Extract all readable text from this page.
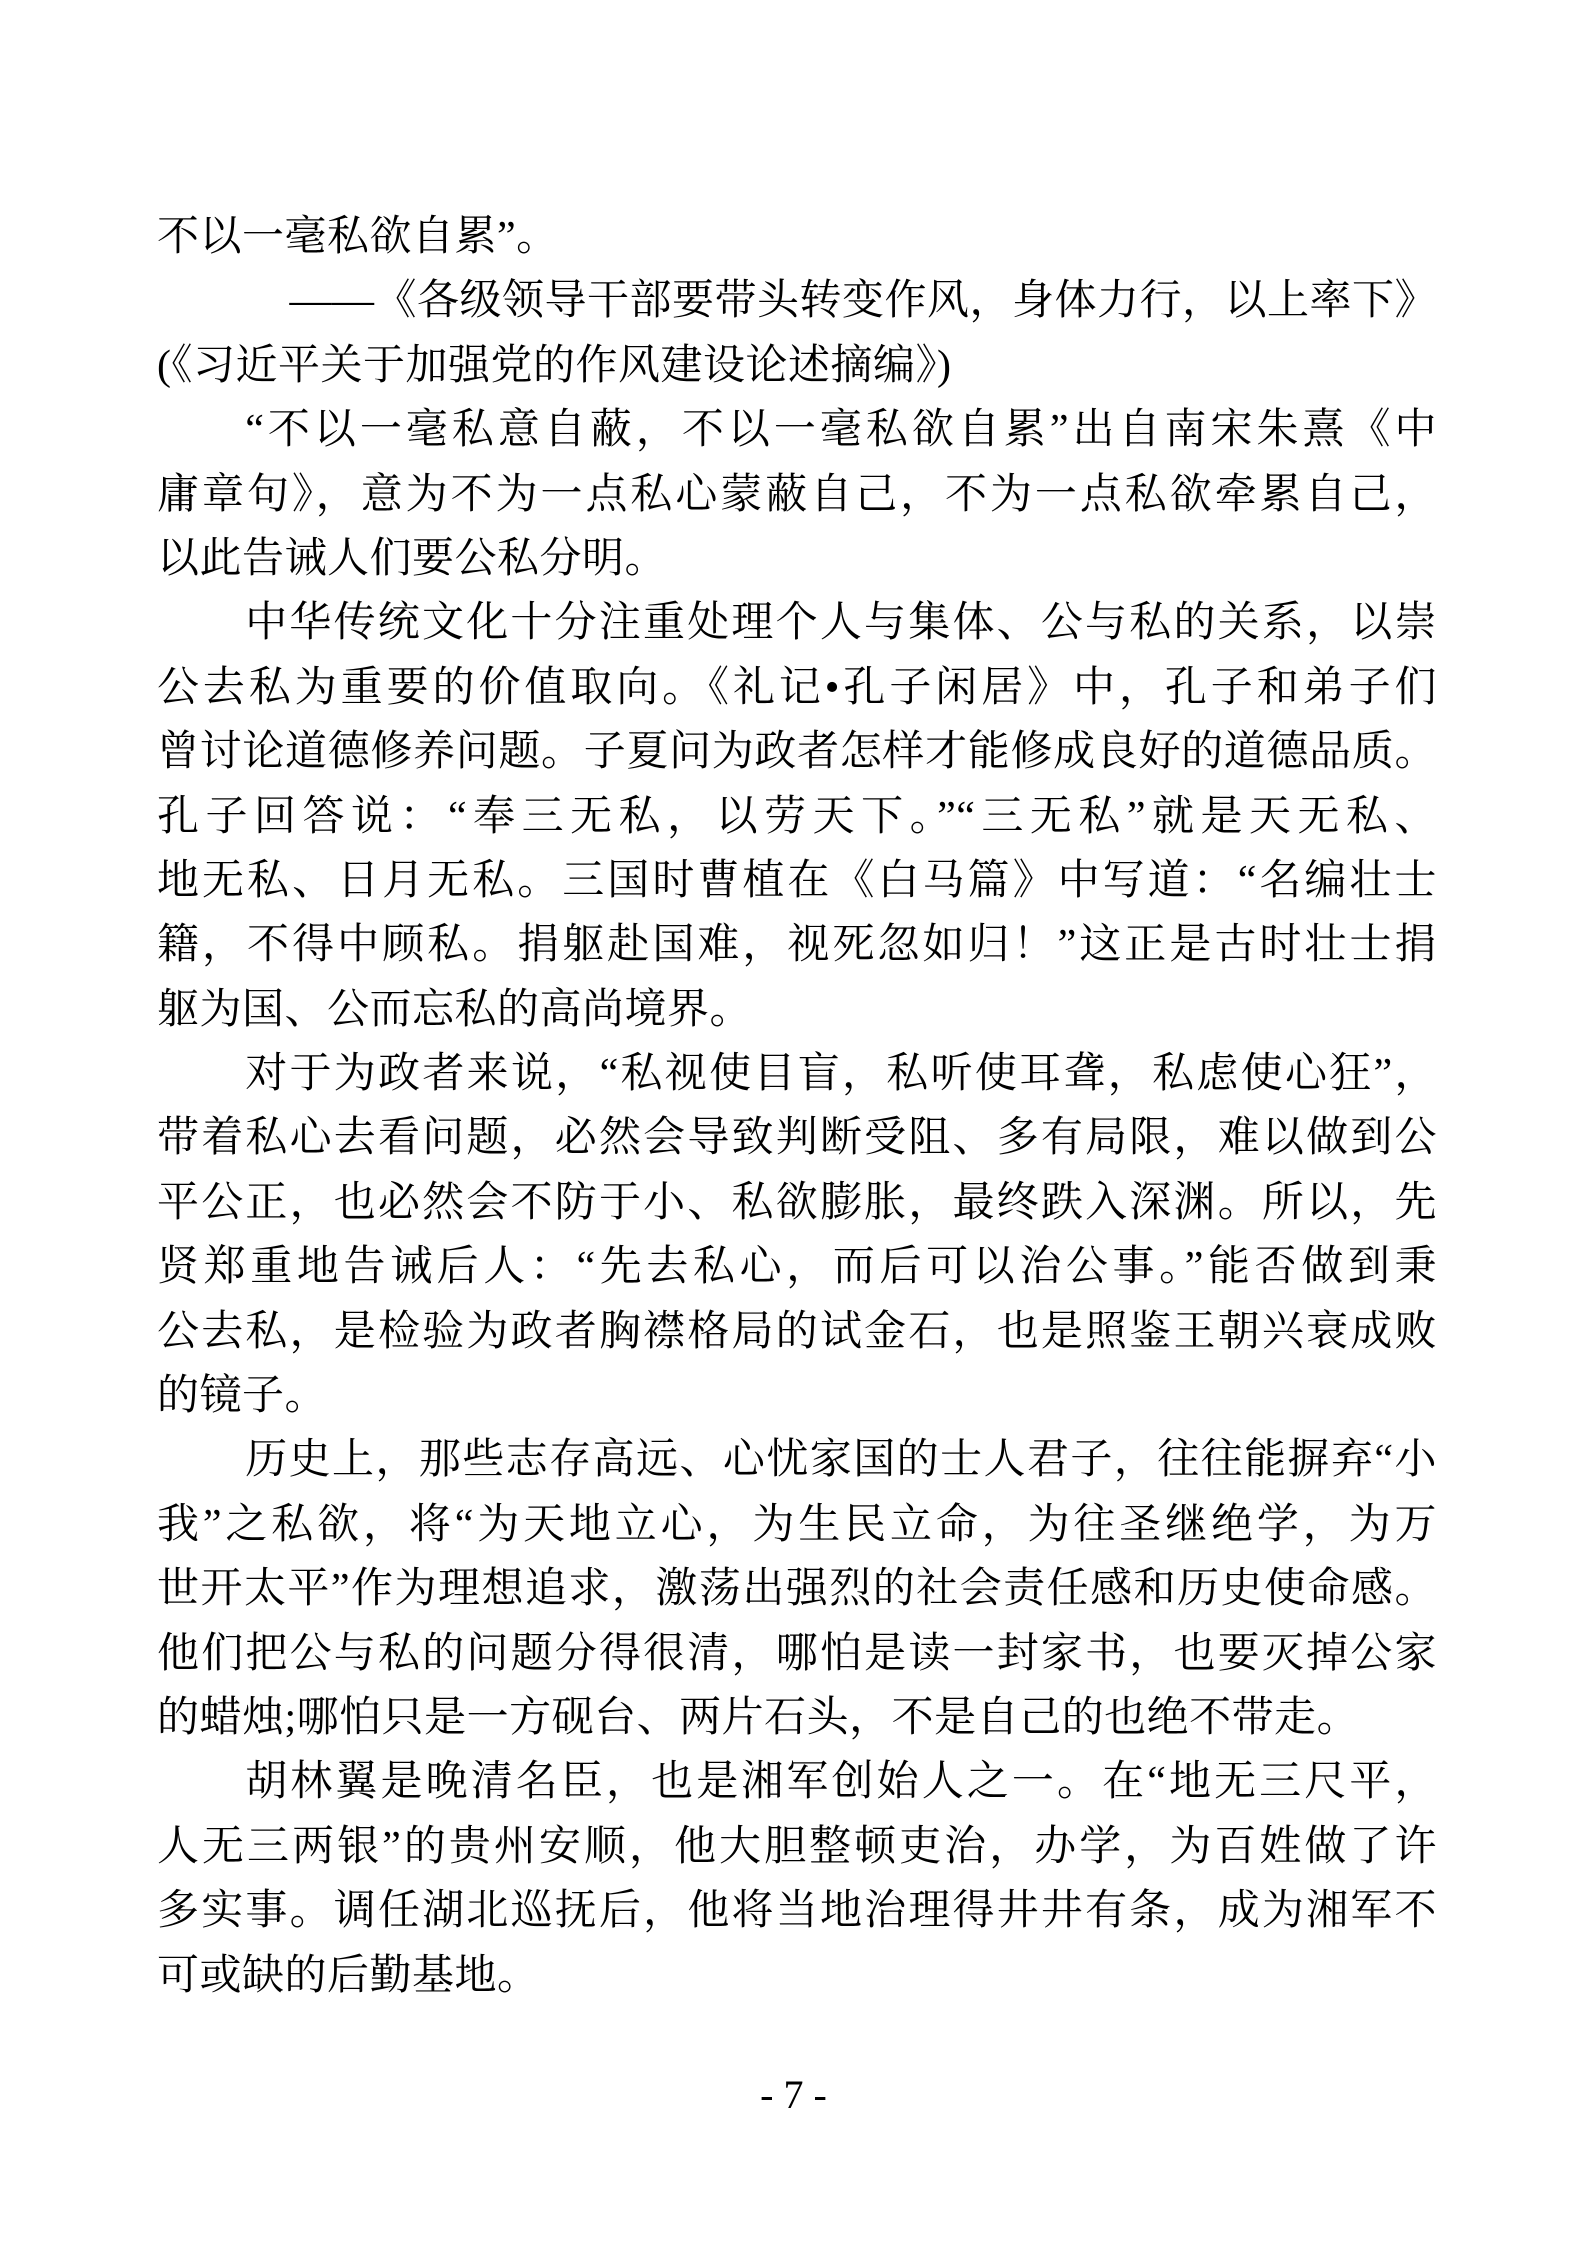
不以一毫私欲自累”。
——《各级领导干部要带头转变作风，身体力行，以上率下》
(《习近平关于加强党的作风建设论述摘编》)
“不以一毫私意自蔽，不以一毫私欲自累”出自南宋朱熹《中
庸章句》，意为不为一点私心蒙蔽自己，不为一点私欲牵累自己，
以此告诫人们要公私分明。
中华传统文化十分注重处理个人与集体、公与私的关系，以崇
公去私为重要的价值取向。《礼记•孔子闲居》中，孔子和弟子们
曾讨论道德修养问题。子夏问为政者怎样才能修成良好的道德品质。
孔子回答说：“奉三无私，以劳天下。”“三无私”就是天无私、
地无私、日月无私。三国时曹植在《白马篇》中写道：“名编壮士
籍，不得中顾私。捐躯赴国难，视死忽如归！”这正是古时壮士捐
躯为国、公而忘私的高尚境界。
对于为政者来说，“私视使目盲，私听使耳聋，私虑使心狂”，
带着私心去看问题，必然会导致判断受阻、多有局限，难以做到公
平公正，也必然会不防于小、私欲膨胀，最终跌入深渊。所以，先
贤郑重地告诫后人：“先去私心，而后可以治公事。”能否做到秉
公去私，是检验为政者胸襟格局的试金石，也是照鉴王朝兴衰成败
的镜子。
历史上，那些志存高远、心忧家国的士人君子，往往能摒弃“小
我”之私欲，将“为天地立心，为生民立命，为往圣继绝学，为万
世开太平”作为理想追求，激荡出强烈的社会责任感和历史使命感。
他们把公与私的问题分得很清，哪怕是读一封家书，也要灭掉公家
的蜡烛;哪怕只是一方砚台、两片石头，不是自己的也绝不带走。
胡林翼是晚清名臣，也是湘军创始人之一。在“地无三尺平，
人无三两银”的贵州安顺，他大胆整顿吏治，办学，为百姓做了许
多实事。调任湖北巡抚后，他将当地治理得井井有条，成为湘军不
可或缺的后勤基地。
- 7 -
